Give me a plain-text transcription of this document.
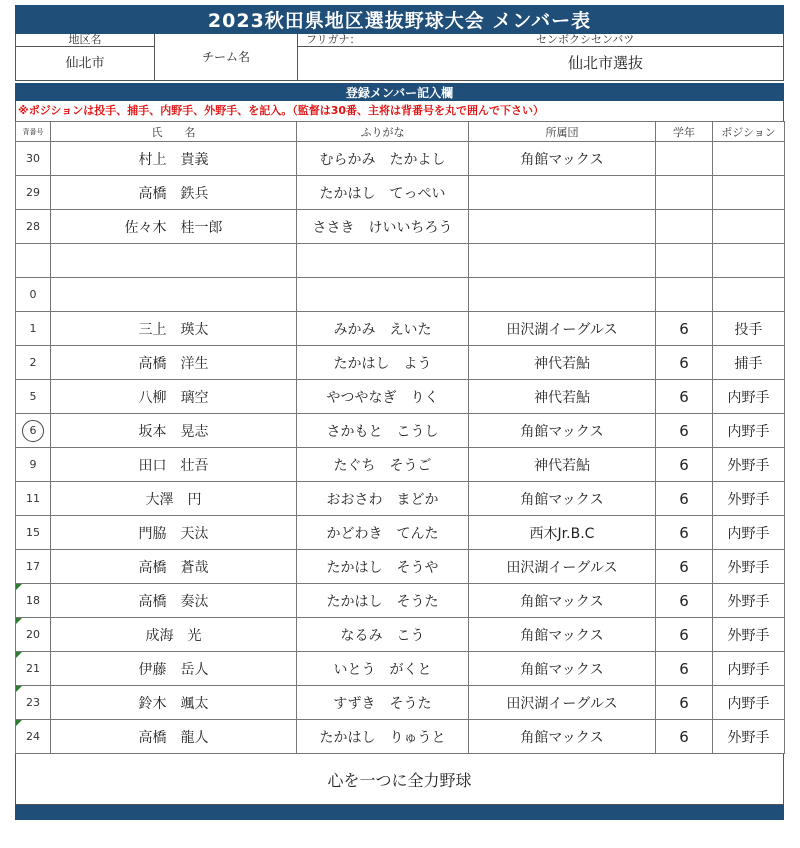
2023秋田県地区選抜野球大会 メンバー表
地区名
仙北市	チーム名
フリガナ：	センボクシセンバツ
仙北市選抜
登録メンバー記入欄
※ポジションは投手、捕手、内野手、外野手、を記入。（監督は30番、主将は背番号を丸で囲んで下さい）
背番号	氏　　名	ふりがな	所属団	学年	ポジション
30	村上　貴義	むらかみ　たかよし	角館マックス		
29	高橋　鉄兵	たかはし　てっぺい			
28	佐々木　桂一郎	ささき　けいいちろう			

0					
1	三上　瑛太	みかみ　えいた	田沢湖イーグルス	6	投手
2	高橋　洋生	たかはし　よう	神代若鮎	6	捕手
5	八柳　璃空	やつやなぎ　りく	神代若鮎	6	内野手
6	坂本　晃志	さかもと　こうし	角館マックス	6	内野手
9	田口　壮吾	たぐち　そうご	神代若鮎	6	外野手
11	大澤　円	おおさわ　まどか	角館マックス	6	外野手
15	門脇　天汰	かどわき　てんた	西木Jr.B.C	6	内野手
17	高橋　蒼哉	たかはし　そうや	田沢湖イーグルス	6	外野手

18	高橋　奏汰	たかはし　そうた	角館マックス	6	外野手

20	成海　光	なるみ　こう	角館マックス	6	外野手

21	伊藤　岳人	いとう　がくと	角館マックス	6	内野手

23	鈴木　颯太	すずき　そうた	田沢湖イーグルス	6	内野手

24	高橋　龍人	たかはし　りゅうと	角館マックス	6	外野手
心を一つに全力野球
